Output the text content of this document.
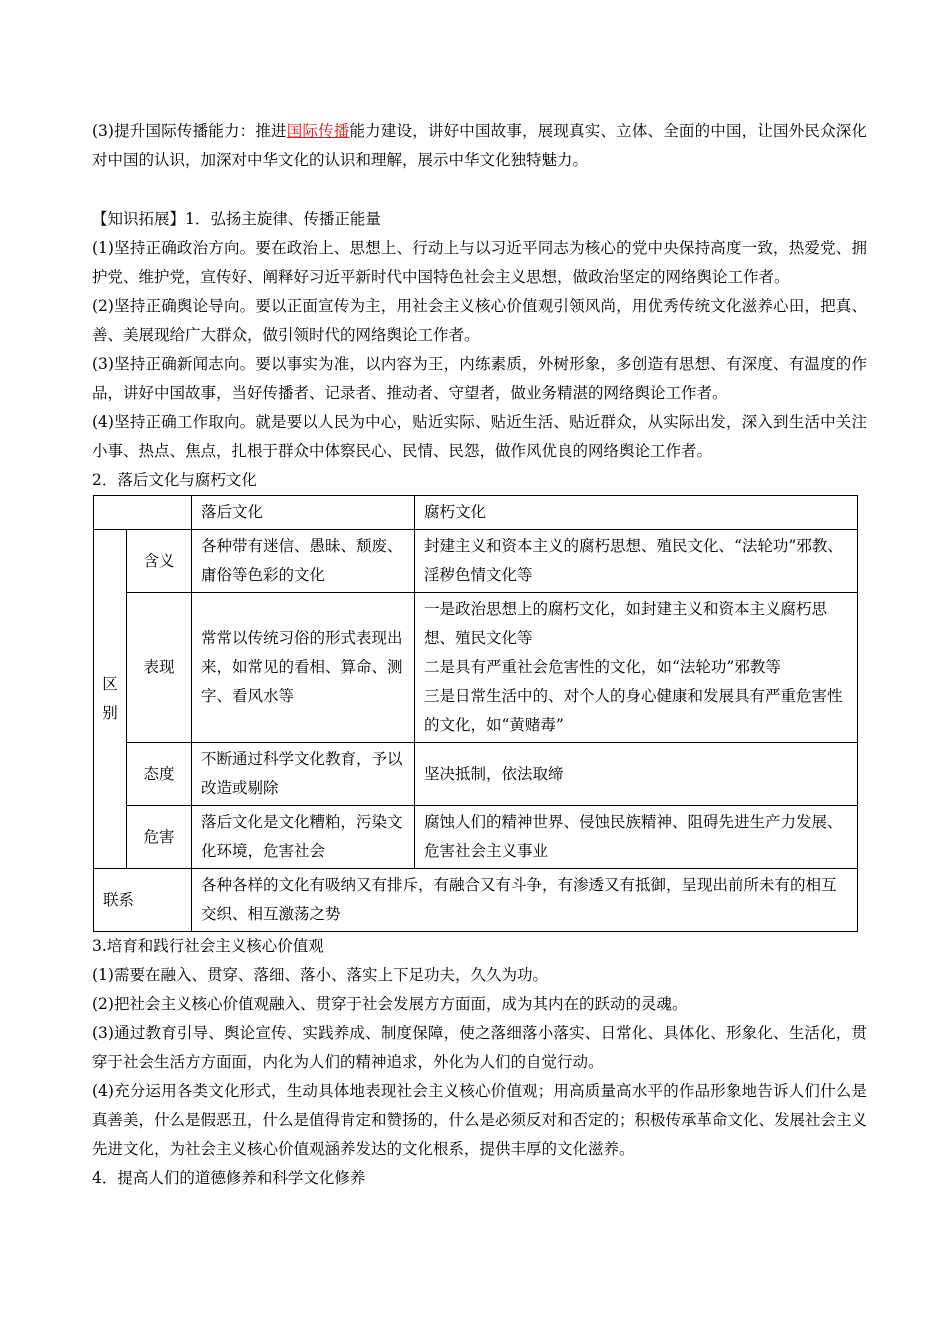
(3)提升国际传播能力：推进国际传播能力建设，讲好中国故事，展现真实、立体、全面的中国，让国外民众深化对中国的认识，加深对中华文化的认识和理解，展示中华文化独特魅力。

【知识拓展】1．弘扬主旋律、传播正能量

(1)坚持正确政治方向。要在政治上、思想上、行动上与以习近平同志为核心的党中央保持高度一致，热爱党、拥护党、维护党，宣传好、阐释好习近平新时代中国特色社会主义思想，做政治坚定的网络舆论工作者。

(2)坚持正确舆论导向。要以正面宣传为主，用社会主义核心价值观引领风尚，用优秀传统文化滋养心田，把真、善、美展现给广大群众，做引领时代的网络舆论工作者。

(3)坚持正确新闻志向。要以事实为准，以内容为王，内练素质，外树形象，多创造有思想、有深度、有温度的作品，讲好中国故事，当好传播者、记录者、推动者、守望者，做业务精湛的网络舆论工作者。

(4)坚持正确工作取向。就是要以人民为中心，贴近实际、贴近生活、贴近群众，从实际出发，深入到生活中关注小事、热点、焦点，扎根于群众中体察民心、民情、民怨，做作风优良的网络舆论工作者。

2．落后文化与腐朽文化

		落后文化	腐朽文化

区
别	含义	各种带有迷信、愚昧、颓废、庸俗等色彩的文化	封建主义和资本主义的腐朽思想、殖民文化、“法轮功”邪教、淫秽色情文化等
	表现	常常以传统习俗的形式表现出来，如常见的看相、算命、测字、看风水等	一是政治思想上的腐朽文化，如封建主义和资本主义腐朽思想、殖民文化等
二是具有严重社会危害性的文化，如“法轮功”邪教等
三是日常生活中的、对个人的身心健康和发展具有严重危害性的文化，如“黄赌毒”

	态度	不断通过科学文化教育，予以改造或剔除	坚决抵制，依法取缔
	危害	落后文化是文化糟粕，污染文化环境，危害社会	腐蚀人们的精神世界、侵蚀民族精神、阻碍先进生产力发展、危害社会主义事业
联系		各种各样的文化有吸纳又有排斥，有融合又有斗争，有渗透又有抵御，呈现出前所未有的相互交织、相互激荡之势	

3.培育和践行社会主义核心价值观

(1)需要在融入、贯穿、落细、落小、落实上下足功夫，久久为功。

(2)把社会主义核心价值观融入、贯穿于社会发展方方面面，成为其内在的跃动的灵魂。

(3)通过教育引导、舆论宣传、实践养成、制度保障，使之落细落小落实、日常化、具体化、形象化、生活化，贯穿于社会生活方方面面，内化为人们的精神追求，外化为人们的自觉行动。

(4)充分运用各类文化形式，生动具体地表现社会主义核心价值观；用高质量高水平的作品形象地告诉人们什么是真善美，什么是假恶丑，什么是值得肯定和赞扬的，什么是必须反对和否定的；积极传承革命文化、发展社会主义先进文化，为社会主义核心价值观涵养发达的文化根系，提供丰厚的文化滋养。

4．提高人们的道德修养和科学文化修养
